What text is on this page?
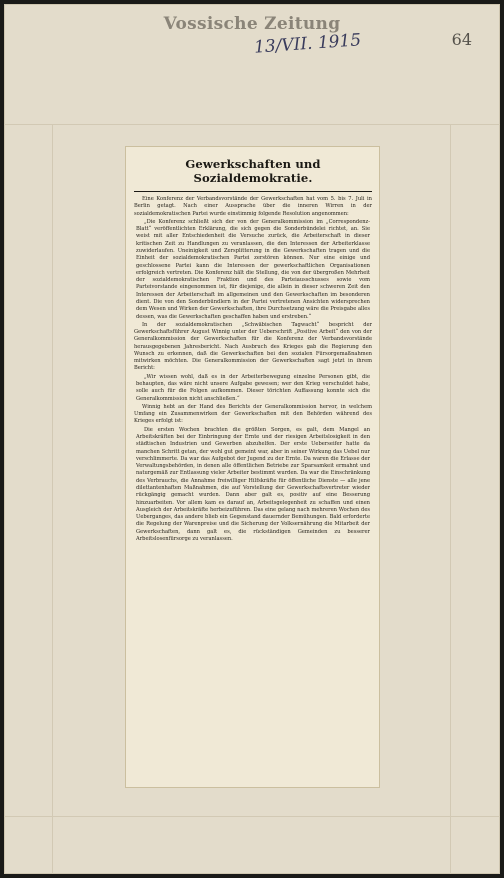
Vossische Zeitung
13/VII. 1915	64
Gewerkschaften und Sozialdemokratie.

Eine Konferenz der Verbandsvorstände der Gewerkschaften hat vom 5. bis 7. Juli in Berlin getagt. Nach einer Aussprache über die inneren Wirren in der sozialdemokratischen Partei wurde einstimmig folgende Resolution angenommen:

„Die Konferenz schließt sich der von der Generalkommission im „Correspondenz-Blatt“ veröffentlichten Erklärung, die sich gegen die Sonderbündelei richtet, an. Sie weist mit aller Entschiedenheit die Versuche zurück, die Arbeiterschaft in dieser kritischen Zeit zu Handlungen zu veranlassen, die den Interessen der Arbeiterklasse zuwiderlaufen. Uneinigkeit und Zersplitterung in die Gewerkschaften tragen und die Einheit der sozialdemokratischen Partei zerstören können. Nur eine einige und geschlossene Partei kann die Interessen der gewerkschaftlichen Organisationen erfolgreich vertreten. Die Konferenz hält die Stellung, die von der übergroßen Mehrheit der sozialdemokratischen Fraktion und des Parteiausschusses sowie vom Parteivorstande eingenommen ist, für diejenige, die allein in dieser schweren Zeit den Interessen der Arbeiterschaft im allgemeinen und den Gewerkschaften im besonderen dient. Die von den Sonderbündlern in der Partei vertretenen Ansichten widersprechen dem Wesen und Wirken der Gewerkschaften, ihre Durchsetzung wäre die Preisgabe alles dessen, was die Gewerkschaften geschaffen haben und erstreben.“

In der sozialdemokratischen „Schwäbischen Tagwacht“ bespricht der Gewerkschaftsführer August Winnig unter der Ueberschrift „Positive Arbeit“ den von der Generalkommission der Gewerkschaften für die Konferenz der Verbandsvorstände herausgegebenen Jahresbericht. Nach Ausbruch des Krieges gab die Regierung den Wunsch zu erkennen, daß die Gewerkschaften bei den sozialen Fürsorgemaßnahmen mitwirken möchten. Die Generalkommission der Gewerkschaften sagt jetzt in ihrem Bericht:

„Wir wissen wohl, daß es in der Arbeiterbewegung einzelne Personen gibt, die behaupten, das wäre nicht unsere Aufgabe gewesen; wer den Krieg verschuldet habe, solle auch für die Folgen aufkommen. Dieser törichten Auffassung konnte sich die Generalkommission nicht anschließen.“

Winnig hebt an der Hand des Berichts der Generalkommission hervor, in welchem Umfang ein Zusammenwirken der Gewerkschaften mit den Behörden während des Krieges erfolgt ist:

Die ersten Wochen brachten die größten Sorgen, es galt, dem Mangel an Arbeitskräften bei der Einbringung der Ernte und der riesigen Arbeitslosigkeit in den städtischen Industrien und Gewerben abzuhelfen. Der erste Ueberseifer hatte da manchen Schritt getan, der wohl gut gemeint war, aber in seiner Wirkung das Uebel nur verschlimmerte. Da war das Aufgebot der Jugend zu der Ernte. Da waren die Erlasse der Verwaltungsbehörden, in denen alle öffentlichen Betriebe zur Sparsamkeit ermahnt und naturgemäß zur Entlassung vieler Arbeiter bestimmt wurden. Da war die Einschränkung des Verbrauchs, die Annahme freiwilliger Hilfskräfte für öffentliche Dienste — alle jene dilettantenhaften Maßnahmen, die auf Vorstellung der Gewerkschaftsvertreter wieder rückgängig gemacht wurden. Dann aber galt es, positiv auf eine Besserung hinzuarbeiten. Vor allem kam es darauf an, Arbeitsgelegenheit zu schaffen und einen Ausgleich der Arbeitskräfte herbeizuführen. Das eine gelang nach mehreren Wochen des Ueberganges, das andere blieb ein Gegenstand dauernder Bemühungen. Bald erforderte die Regelung der Warenpreise und die Sicherung der Volksernährung die Mitarbeit der Gewerkschaften, dann galt es, die rückständigen Gemeinden zu besserer Arbeitslosenfürsorge zu veranlassen.
